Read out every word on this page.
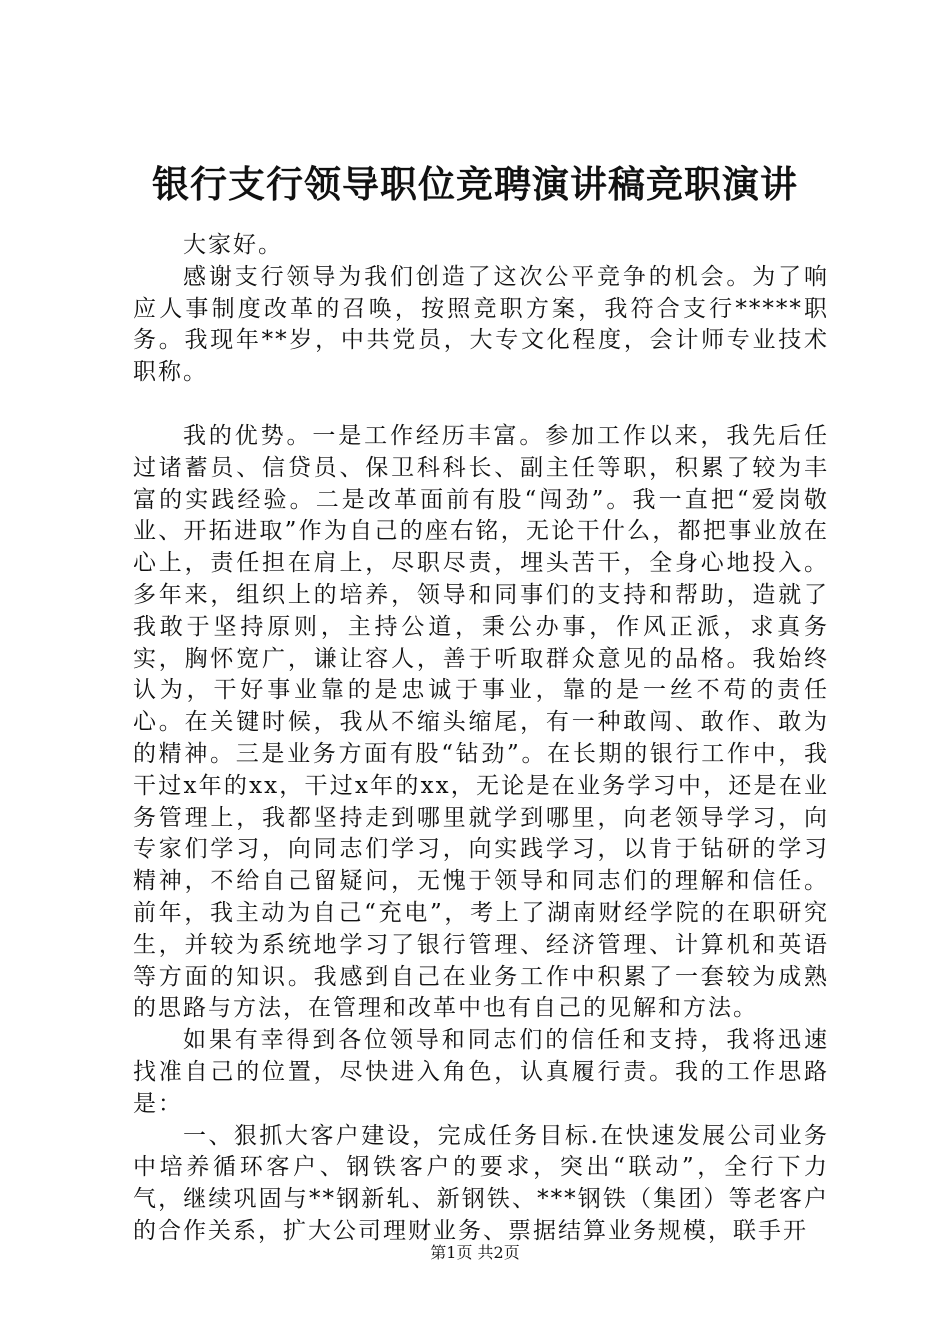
银行支行领导职位竞聘演讲稿竞职演讲

大家好。

感谢支行领导为我们创造了这次公平竞争的机会。为了响应人事制度改革的召唤，按照竞职方案，我符合支行*****职务。我现年**岁，中共党员，大专文化程度，会计师专业技术职称。

我的优势。一是工作经历丰富。参加工作以来，我先后任过诸蓄员、信贷员、保卫科科长、副主任等职，积累了较为丰富的实践经验。二是改革面前有股“闯劲”。我一直把“爱岗敬业、开拓进取”作为自己的座右铭，无论干什么，都把事业放在心上，责任担在肩上，尽职尽责，埋头苦干，全身心地投入。多年来，组织上的培养，领导和同事们的支持和帮助，造就了我敢于坚持原则，主持公道，秉公办事，作风正派，求真务实，胸怀宽广，谦让容人，善于听取群众意见的品格。我始终认为，干好事业靠的是忠诚于事业，靠的是一丝不苟的责任心。在关键时候，我从不缩头缩尾，有一种敢闯、敢作、敢为的精神。三是业务方面有股“钻劲”。在长期的银行工作中，我干过x年的xx，干过x年的xx，无论是在业务学习中，还是在业务管理上，我都坚持走到哪里就学到哪里，向老领导学习，向专家们学习，向同志们学习，向实践学习，以肯于钻研的学习精神，不给自己留疑问，无愧于领导和同志们的理解和信任。前年，我主动为自己“充电”，考上了湖南财经学院的在职研究生，并较为系统地学习了银行管理、经济管理、计算机和英语等方面的知识。我感到自己在业务工作中积累了一套较为成熟的思路与方法，在管理和改革中也有自己的见解和方法。

如果有幸得到各位领导和同志们的信任和支持，我将迅速找准自己的位置，尽快进入角色，认真履行责。我的工作思路是：

一、狠抓大客户建设，完成任务目标.在快速发展公司业务中培养循环客户、钢铁客户的要求，突出“联动”，全行下力气，继续巩固与**钢新轧、新钢铁、***钢铁（集团）等老客户的合作关系，扩大公司理财业务、票据结算业务规模，联手开

第1页 共2页
